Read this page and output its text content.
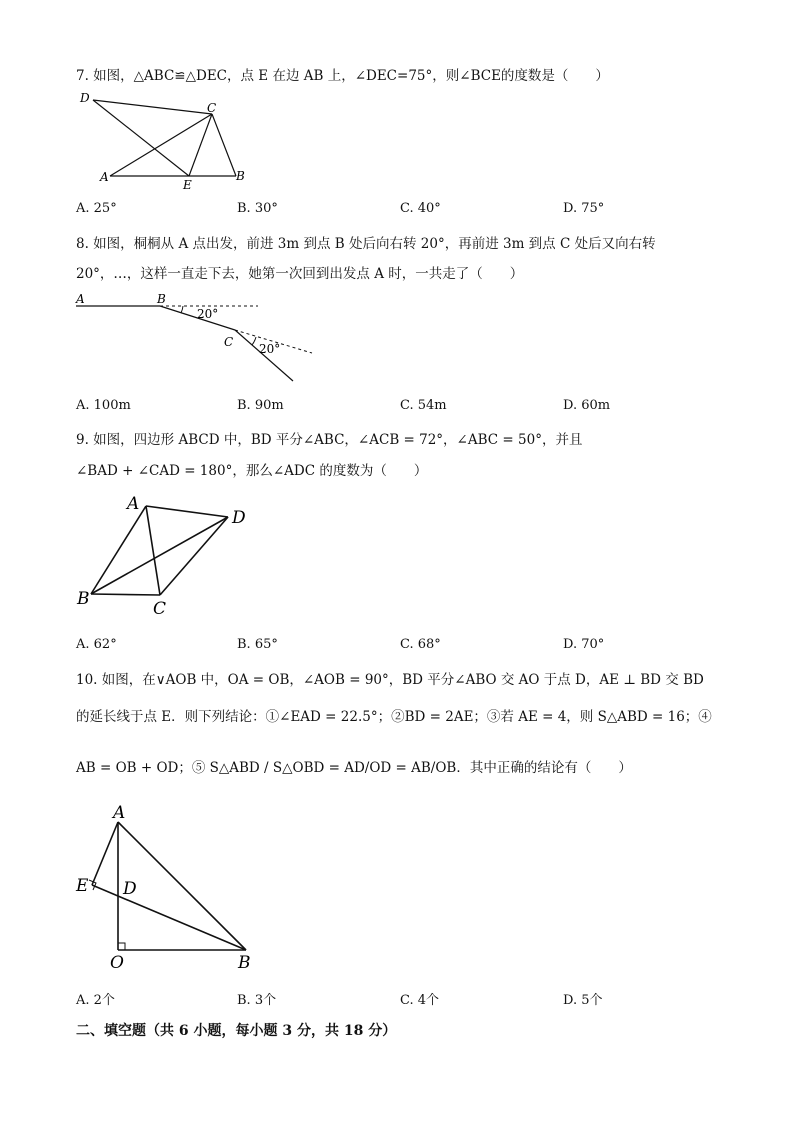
7. 如图，△ABC≌△DEC，点 E 在边 AB 上，∠DEC=75°，则∠BCE的度数是（　　）
D
C
A
E
B
A. 25°	B. 30°	C. 40°	D. 75°
8. 如图，桐桐从 A 点出发，前进 3m 到点 B 处后向右转 20°，再前进 3m 到点 C 处后又向右转
20°，…，这样一直走下去，她第一次回到出发点 A 时，一共走了（　　）
A	B
C
20°
20°
A. 100m	B. 90m	C. 54m	D. 60m
9. 如图，四边形 ABCD 中，BD 平分∠ABC，∠ACB = 72°，∠ABC = 50°，并且
∠BAD + ∠CAD = 180°，那么∠ADC 的度数为（　　）
A
B	C
D
A. 62°	B. 65°	C. 68°	D. 70°
10. 如图，在∨AOB 中，OA = OB，∠AOB = 90°，BD 平分∠ABO 交 AO 于点 D，AE ⊥ BD 交 BD
的延长线于点 E．则下列结论：①∠EAD = 22.5°；②BD = 2AE；③若 AE = 4，则 S△ABD = 16；④
AB = OB + OD；⑤ S△ABD / S△OBD = AD/OD = AB/OB．其中正确的结论有（　　）
A
E D
O	B
A. 2个	B. 3个	C. 4个	D. 5个
二、填空题（共 6 小题，每小题 3 分，共 18 分）
